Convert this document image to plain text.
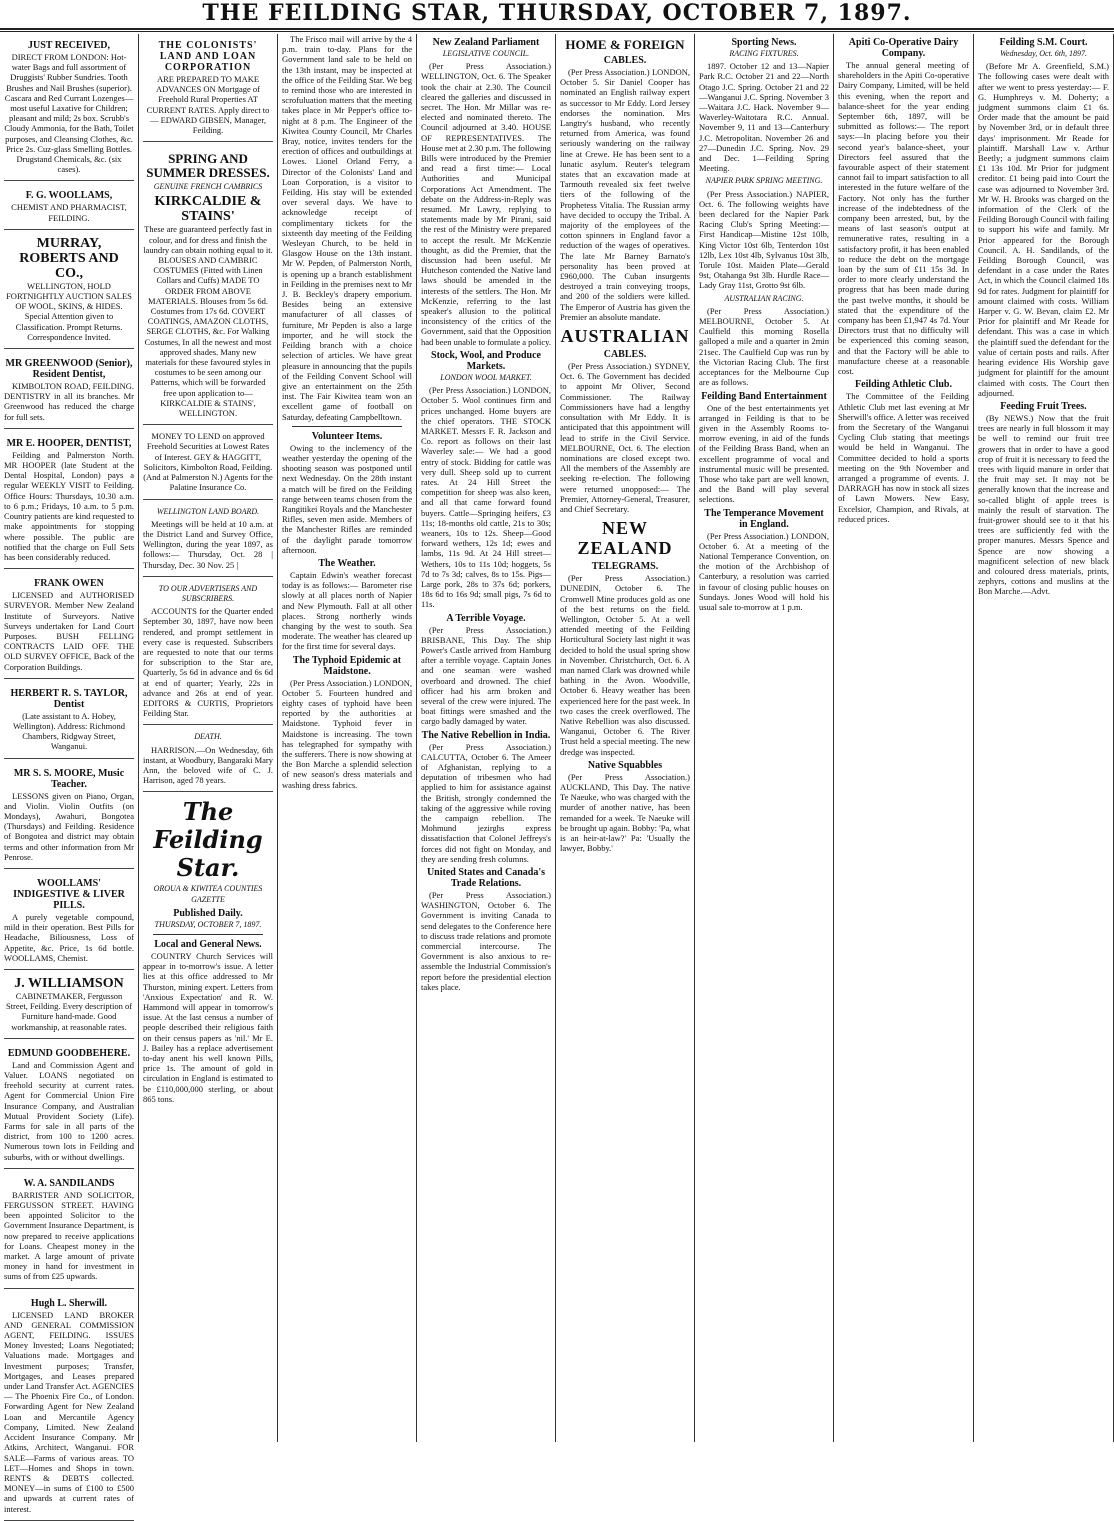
THE FEILDING STAR, THURSDAY, OCTOBER 7, 1897.
JUST RECEIVED,

DIRECT FROM LONDON: Hot-water Bags and full assortment of Druggists' Rubber Sundries. Tooth Brushes and Nail Brushes (superior). Cascara and Red Currant Lozenges—most useful Laxative for Children; pleasant and mild; 2s box. Scrubb's Cloudy Ammonia, for the Bath, Toilet purposes, and Cleansing Clothes, &c. Price 2s. Cuz-glass Smelling Bottles. Drugstand Chemicals, &c. (six cases).

F. G. WOOLLAMS,

CHEMIST AND PHARMACIST, FEILDING.

MURRAY, ROBERTS AND CO.,

WELLINGTON, HOLD FORTNIGHTLY AUCTION SALES OF WOOL, SKINS, & HIDES. Special Attention given to Classification. Prompt Returns. Correspondence Invited.

MR GREENWOOD (Senior), Resident Dentist,

KIMBOLTON ROAD, FEILDING. DENTISTRY in all its branches. Mr Greenwood has reduced the charge for full sets.

MR E. HOOPER, DENTIST,

Feilding and Palmerston North. MR HOOPER (late Student at the Dental Hospital, London) pays a regular WEEKLY VISIT to Feilding. Office Hours: Thursdays, 10.30 a.m. to 6 p.m.; Fridays, 10 a.m. to 5 p.m. Country patients are kind requested to make appointments for stopping where possible. The public are notified that the charge on Full Sets has been considerably reduced.

FRANK OWEN

LICENSED and AUTHORISED SURVEYOR. Member New Zealand Institute of Surveyors. Native Surveys undertaken for Land Court Purposes. BUSH FELLING CONTRACTS LAID OFF. THE OLD SURVEY OFFICE, Back of the Corporation Buildings.

HERBERT R. S. TAYLOR, Dentist

(Late assistant to A. Hobey, Wellington). Address: Richmond Chambers, Ridgway Street, Wanganui.

MR S. S. MOORE, Music Teacher.

LESSONS given on Piano, Organ, and Violin. Violin Outfits (on Mondays), Awahuri, Bongotea (Thursdays) and Feilding. Residence of Bongotea and district may obtain terms and other information from Mr Penrose.

WOOLLAMS' INDIGESTIVE & LIVER PILLS.

A purely vegetable compound, mild in their operation. Best Pills for Headache, Biliousness, Loss of Appetite, &c. Price, 1s 6d bottle. WOOLLAMS, Chemist.

J. WILLIAMSON

CABINETMAKER, Fergusson Street, Feilding. Every description of Furniture hand-made. Good workmanship, at reasonable rates.

EDMUND GOODBEHERE.

Land and Commission Agent and Valuer. LOANS negotiated on freehold security at current rates. Agent for Commercial Union Fire Insurance Company, and Australian Mutual Provident Society (Life). Farms for sale in all parts of the district, from 100 to 1200 acres. Numerous town lots in Feilding and suburbs, with or without dwellings.

W. A. SANDILANDS

BARRISTER AND SOLICITOR, FERGUSSON STREET. HAVING been appointed Solicitor to the Government Insurance Department, is now prepared to receive applications for Loans. Cheapest money in the market. A large amount of private money in hand for investment in sums of from £25 upwards.

Hugh L. Sherwill.

LICENSED LAND BROKER AND GENERAL COMMISSION AGENT, FEILDING. ISSUES Money Invested; Loans Negotiated; Valuations made. Mortgages and Investment purposes; Transfer, Mortgages, and Leases prepared under Land Transfer Act. AGENCIES— The Phoenix Fire Co., of London. Forwarding Agent for New Zealand Loan and Mercantile Agency Company, Limited. New Zealand Accident Insurance Company. Mr Atkins, Architect, Wanganui. FOR SALE—Farms of various areas. TO LET—Homes and Shops in town. RENTS & DEBTS collected. MONEY—in sums of £100 to £500 and upwards at current rates of interest.

THE COLONISTS' LAND AND LOAN CORPORATION

ARE PREPARED TO MAKE ADVANCES ON Mortgage of Freehold Rural Properties AT CURRENT RATES. Apply direct to— EDWARD GIBSEN, Manager, Feilding.

SPRING AND SUMMER DRESSES.
GENUINE FRENCH CAMBRICS
KIRKCALDIE & STAINS'

These are guaranteed perfectly fast in colour, and for dress and finish the laundry can obtain nothing equal to it. BLOUSES AND CAMBRIC COSTUMES (Fitted with Linen Collars and Cuffs) MADE TO ORDER FROM ABOVE MATERIALS. Blouses from 5s 6d. Costumes from 17s 6d. COVERT COATINGS, AMAZON CLOTHS, SERGE CLOTHS, &c. For Walking Costumes, In all the newest and most approved shades. Many new materials for these favoured styles in costumes to be seen among our Patterns, which will be forwarded free upon application to— KIRKCALDIE & STAINS', WELLINGTON.

MONEY TO LEND on approved Freehold Securities at Lowest Rates of Interest. GEY & HAGGITT, Solicitors, Kimbolton Road, Feilding. (And at Palmerston N.) Agents for the Palatine Insurance Co.

WELLINGTON LAND BOARD.

Meetings will be held at 10 a.m. at the District Land and Survey Office, Wellington, during the year 1897, as follows:— Thursday, Oct. 28 | Thursday, Dec. 30 Nov. 25 |

TO OUR ADVERTISERS AND SUBSCRIBERS.

ACCOUNTS for the Quarter ended September 30, 1897, have now been rendered, and prompt settlement in every case is requested. Subscribers are requested to note that our terms for subscription to the Star are, Quarterly, 5s 6d in advance and 6s 6d at end of quarter; Yearly, 22s in advance and 26s at end of year. EDITORS & CURTIS, Proprietors Feilding Star.

DEATH.

HARRISON.—On Wednesday, 6th instant, at Woodbury, Bangaraki Mary Ann, the beloved wife of C. J. Harrison, aged 78 years.

The Feilding Star.
OROUA & KIWITEA COUNTIES GAZETTE
Published Daily.
THURSDAY, OCTOBER 7, 1897.
Local and General News.

COUNTRY Church Services will appear in to-morrow's issue. A letter lies at this office addressed to Mr Thurston, mining expert. Letters from 'Anxious Expectation' and R. W. Hammond will appear in tomorrow's issue. At the last census a number of people described their religious faith on their census papers as 'nil.' Mr E. J. Bailey has a replace advertisement to-day anent his well known Pills, price 1s. The amount of gold in circulation in England is estimated to be £110,000,000 sterling, or about 865 tons.

The Frisco mail will arrive by the 4 p.m. train to-day. Plans for the Government land sale to be held on the 13th instant, may be inspected at the office of the Feilding Star. We beg to remind those who are interested in scrofuluation matters that the meeting takes place in Mr Pepper's office to-night at 8 p.m. The Engineer of the Kiwitea County Council, Mr Charles Bray, notice, invites tenders for the erection of offices and outbuildings at Lowes. Lionel Orland Ferry, a Director of the Colonists' Land and Loan Corporation, is a visitor to Feilding. His stay will be extended over several days. We have to acknowledge receipt of complimentary tickets for the sixteenth day meeting of the Feilding Wesleyan Church, to be held in Glasgow House on the 13th instant. Mr W. Pepden, of Palmerston North, is opening up a branch establishment in Feilding in the premises next to Mr J. B. Beckley's drapery emporium. Besides being an extensive manufacturer of all classes of furniture, Mr Pepden is also a large importer, and he will stock the Feilding branch with a choice selection of articles. We have great pleasure in announcing that the pupils of the Feilding Convent School will give an entertainment on the 25th inst. The Fair Kiwitea team won an excellent game of football on Saturday, defeating Campbelltown.

Volunteer Items.

Owing to the inclemency of the weather yesterday the opening of the shooting season was postponed until next Wednesday. On the 28th instant a match will be fired on the Feilding range between teams chosen from the Rangitikei Royals and the Manchester Rifles, seven men aside. Members of the Manchester Rifles are reminded of the daylight parade tomorrow afternoon.

The Weather.

Captain Edwin's weather forecast today is as follows:— Barometer rise slowly at all places north of Napier and New Plymouth. Fall at all other places. Strong northerly winds changing by the west to south. Sea moderate. The weather has cleared up for the first time for several days.

The Typhoid Epidemic at Maidstone.

(Per Press Association.) LONDON, October 5. Fourteen hundred and eighty cases of typhoid have been reported by the authorities at Maidstone. Typhoid fever in Maidstone is increasing. The town has telegraphed for sympathy with the sufferers. There is now showing at the Bon Marche a splendid selection of new season's dress materials and washing dress fabrics.

New Zealand Parliament
LEGISLATIVE COUNCIL.

(Per Press Association.) WELLINGTON, Oct. 6. The Speaker took the chair at 2.30. The Council cleared the galleries and discussed in secret. The Hon. Mr Millar was re-elected and nominated thereto. The Council adjourned at 3.40. HOUSE OF REPRESENTATIVES. The House met at 2.30 p.m. The following Bills were introduced by the Premier and read a first time:— Local Authorities and Municipal Corporations Act Amendment. The debate on the Address-in-Reply was resumed. Mr Lawry, replying to statements made by Mr Pirani, said the rest of the Ministry were prepared to accept the result. Mr McKenzie thought, as did the Premier, that the discussion had been useful. Mr Hutcheson contended the Native land laws should be amended in the interests of the settlers. The Hon. Mr McKenzie, referring to the last speaker's allusion to the political inconsistency of the critics of the Government, said that the Opposition had been unable to formulate a policy.

Stock, Wool, and Produce Markets.
LONDON WOOL MARKET.

(Per Press Association.) LONDON, October 5. Wool continues firm and prices unchanged. Home buyers are the chief operators. THE STOCK MARKET. Messrs F. R. Jackson and Co. report as follows on their last Waverley sale:— We had a good entry of stock. Bidding for cattle was very dull. Sheep sold up to current rates. At 24 Hill Street the competition for sheep was also keen, and all that came forward found buyers. Cattle—Springing heifers, £3 11s; 18-months old cattle, 21s to 30s; weaners, 10s to 12s. Sheep—Good forward wethers, 12s 1d; ewes and lambs, 11s 9d. At 24 Hill street—Wethers, 10s to 11s 10d; hoggets, 5s 7d to 7s 3d; calves, 8s to 15s. Pigs—Large pork, 28s to 37s 6d; porkers, 18s 6d to 16s 9d; small pigs, 7s 6d to 11s.

A Terrible Voyage.

(Per Press Association.) BRISBANE, This Day. The ship Power's Castle arrived from Hamburg after a terrible voyage. Captain Jones and one seaman were washed overboard and drowned. The chief officer had his arm broken and several of the crew were injured. The boat fittings were smashed and the cargo badly damaged by water.

The Native Rebellion in India.

(Per Press Association.) CALCUTTA, October 6. The Ameer of Afghanistan, replying to a deputation of tribesmen who had applied to him for assistance against the British, strongly condemned the taking of the aggressive while roving the campaign rebellion. The Mohmund jezirghs express dissatisfaction that Colonel Jeffreys's forces did not fight on Monday, and they are sending fresh columns.

United States and Canada's Trade Relations.

(Per Press Association.) WASHINGTON, October 6. The Government is inviting Canada to send delegates to the Conference here to discuss trade relations and promote commercial intercourse. The Government is also anxious to re-assemble the Industrial Commission's report before the presidential election takes place.

HOME & FOREIGN
CABLES.

(Per Press Association.) LONDON, October 5. Sir Daniel Cooper has nominated an English railway expert as successor to Mr Eddy. Lord Jersey endorses the nomination. Mrs Langtry's husband, who recently returned from America, was found seriously wandering on the railway line at Crewe. He has been sent to a lunatic asylum. Reuter's telegram states that an excavation made at Tarmouth revealed six feet twelve tiers of the following of the Prophetess Vitalia. The Russian army have decided to occupy the Tribal. A majority of the employees of the cotton spinners in England favor a reduction of the wages of operatives. The late Mr Barney Barnato's personality has been proved at £960,000. The Cuban insurgents destroyed a train conveying troops, and 200 of the soldiers were killed. The Emperor of Austria has given the Premier an absolute mandate.

AUSTRALIAN
CABLES.

(Per Press Association.) SYDNEY, Oct. 6. The Government has decided to appoint Mr Oliver, Second Commissioner. The Railway Commissioners have had a lengthy consultation with Mr Eddy. It is anticipated that this appointment will lead to strife in the Civil Service. MELBOURNE, Oct. 6. The election nominations are closed except two. All the members of the Assembly are seeking re-election. The following were returned unopposed:— The Premier, Attorney-General, Treasurer, and Chief Secretary.

NEW ZEALAND
TELEGRAMS.

(Per Press Association.) DUNEDIN, October 6. The Cromwell Mine produces gold as one of the best returns on the field. Wellington, October 5. At a well attended meeting of the Feilding Horticultural Society last night it was decided to hold the usual spring show in November. Christchurch, Oct. 6. A man named Clark was drowned while bathing in the Avon. Woodville, October 6. Heavy weather has been experienced here for the past week. In two cases the creek overflowed. The Native Rebellion was also discussed. Wanganui, October 6. The River Trust held a special meeting. The new dredge was inspected.

Native Squabbles

(Per Press Association.) AUCKLAND, This Day. The native Te Naeuke, who was charged with the murder of another native, has been remanded for a week. Te Naeuke will be brought up again. Bobby: 'Pa, what is an heir-at-law?' Pa: 'Usually the lawyer, Bobby.'

Sporting News.
RACING FIXTURES.

1897. October 12 and 13—Napier Park R.C. October 21 and 22—North Otago J.C. Spring. October 21 and 22—Wanganui J.C. Spring. November 3—Waitara J.C. Hack. November 9—Waverley-Waitotara R.C. Annual. November 9, 11 and 13—Canterbury J.C. Metropolitan. November 26 and 27—Dunedin J.C. Spring. Nov. 29 and Dec. 1—Feilding Spring Meeting.

NAPIER PARK SPRING MEETING.

(Per Press Association.) NAPIER, Oct. 6. The following weights have been declared for the Napier Park Racing Club's Spring Meeting:— First Handicap—Mistine 12st 10lb, King Victor 10st 6lb, Tenterdon 10st 12lb, Lex 10st 4lb, Sylvanus 10st 3lb, Torule 10st. Maiden Plate—Gerald 9st, Otahanga 9st 3lb. Hurdle Race—Lady Gray 11st, Grotto 9st 6lb.

AUSTRALIAN RACING.

(Per Press Association.) MELBOURNE, October 5. At Caulfield this morning Rosella galloped a mile and a quarter in 2min 21sec. The Caulfield Cup was run by the Victorian Racing Club. The first acceptances for the Melbourne Cup are as follows.

Feilding Band Entertainment

One of the best entertainments yet arranged in Feilding is that to be given in the Assembly Rooms to-morrow evening, in aid of the funds of the Feilding Brass Band, when an excellent programme of vocal and instrumental music will be presented. Those who take part are well known, and the Band will play several selections.

The Temperance Movement in England.

(Per Press Association.) LONDON, October 6. At a meeting of the National Temperance Convention, on the motion of the Archbishop of Canterbury, a resolution was carried in favour of closing public houses on Sundays. Jones Wood will hold his usual sale to-morrow at 1 p.m.

Apiti Co-Operative Dairy Company.

The annual general meeting of shareholders in the Apiti Co-operative Dairy Company, Limited, will be held this evening, when the report and balance-sheet for the year ending September 6th, 1897, will be submitted as follows:— The report says:—In placing before you their second year's balance-sheet, your Directors feel assured that the favourable aspect of their statement cannot fail to impart satisfaction to all interested in the future welfare of the Factory. Not only has the further increase of the indebtedness of the company been arrested, but, by the means of last season's output at remunerative rates, resulting in a satisfactory profit, it has been enabled to reduce the debt on the mortgage loan by the sum of £11 15s 3d. In order to more clearly understand the progress that has been made during the past twelve months, it should be stated that the expenditure of the company has been £1,947 4s 7d. Your Directors trust that no difficulty will be experienced this coming season, and that the Factory will be able to manufacture cheese at a reasonable cost.

Feilding Athletic Club.

The Committee of the Feilding Athletic Club met last evening at Mr Sherwill's office. A letter was received from the Secretary of the Wanganui Cycling Club stating that meetings would be held in Wanganui. The Committee decided to hold a sports meeting on the 9th November and arranged a programme of events. J. DARRAGH has now in stock all sizes of Lawn Mowers. New Easy, Excelsior, Champion, and Rivals, at reduced prices.

Feilding S.M. Court.
Wednesday, Oct. 6th, 1897.

(Before Mr A. Greenfield, S.M.) The following cases were dealt with after we went to press yesterday:— F. G. Humphreys v. M. Doherty; a judgment summons claim £1 6s. Order made that the amount be paid by November 3rd, or in default three days' imprisonment. Mr Reade for plaintiff. Marshall Law v. Arthur Beetly; a judgment summons claim £1 13s 10d. Mr Prior for judgment creditor. £1 being paid into Court the case was adjourned to November 3rd. Mr W. H. Brooks was charged on the information of the Clerk of the Feilding Borough Council with failing to support his wife and family. Mr Prior appeared for the Borough Council. A. H. Sandilands, of the Feilding Borough Council, was defendant in a case under the Rates Act, in which the Council claimed 18s 9d for rates. Judgment for plaintiff for amount claimed with costs. William Harper v. G. W. Bevan, claim £2. Mr Prior for plaintiff and Mr Reade for defendant. This was a case in which the plaintiff sued the defendant for the value of certain posts and rails. After hearing evidence His Worship gave judgment for plaintiff for the amount claimed with costs. The Court then adjourned.

Feeding Fruit Trees.

(By NEWS.) Now that the fruit trees are nearly in full blossom it may be well to remind our fruit tree growers that in order to have a good crop of fruit it is necessary to feed the trees with liquid manure in order that the fruit may set. It may not be generally known that the increase and so-called blight of apple trees is mainly the result of starvation. The fruit-grower should see to it that his trees are sufficiently fed with the proper manures. Messrs Spence and Spence are now showing a magnificent selection of new black and coloured dress materials, prints, zephyrs, cottons and muslins at the Bon Marche.—Advt.
